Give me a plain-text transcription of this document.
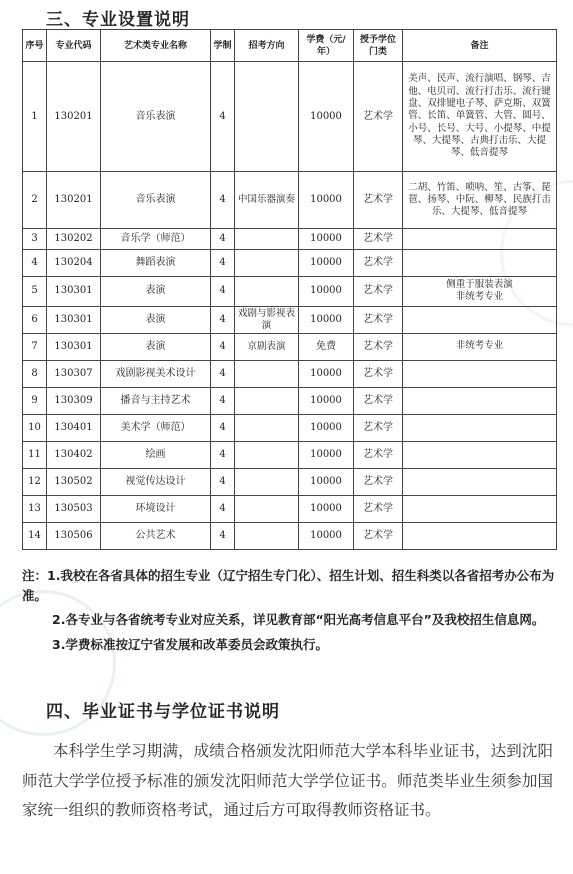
三、专业设置说明
序号	专业代码	艺术类专业名称	学制	招考方向	学费（元/年）	授予学位门类	备注
1	130201	音乐表演	4		10000	艺术学	美声、民声、流行演唱、钢琴、吉他、电贝司、流行打击乐、流行键盘、双排键电子琴、萨克斯、双簧管、长笛、单簧管、大管、圆号、小号、长号、大号、小提琴、中提琴、大提琴、古典打击乐、大提琴、低音提琴
2	130201	音乐表演	4	中国乐器演奏	10000	艺术学	二胡、竹笛、唢呐、笙、古筝、琵琶、扬琴、中阮、柳琴、民族打击乐、大提琴、低音提琴
3	130202	音乐学（师范）	4		10000	艺术学	
4	130204	舞蹈表演	4		10000	艺术学	
5	130301	表演	4		10000	艺术学	侧重于服装表演
非统考专业
6	130301	表演	4	戏剧与影视表演	10000	艺术学	
7	130301	表演	4	京剧表演	免费	艺术学	非统考专业
8	130307	戏剧影视美术设计	4		10000	艺术学	
9	130309	播音与主持艺术	4		10000	艺术学	
10	130401	美术学（师范）	4		10000	艺术学	
11	130402	绘画	4		10000	艺术学	
12	130502	视觉传达设计	4		10000	艺术学	
13	130503	环境设计	4		10000	艺术学	
14	130506	公共艺术	4		10000	艺术学	

注：1.我校在各省具体的招生专业（辽宁招生专门化）、招生计划、招生科类以各省招考办公布为准。

2.各专业与各省统考专业对应关系，详见教育部“阳光高考信息平台”及我校招生信息网。

3.学费标准按辽宁省发展和改革委员会政策执行。

四、毕业证书与学位证书说明
本科学生学习期满，成绩合格颁发沈阳师范大学本科毕业证书，达到沈阳师范大学学位授予标准的颁发沈阳师范大学学位证书。师范类毕业生须参加国家统一组织的教师资格考试，通过后方可取得教师资格证书。
